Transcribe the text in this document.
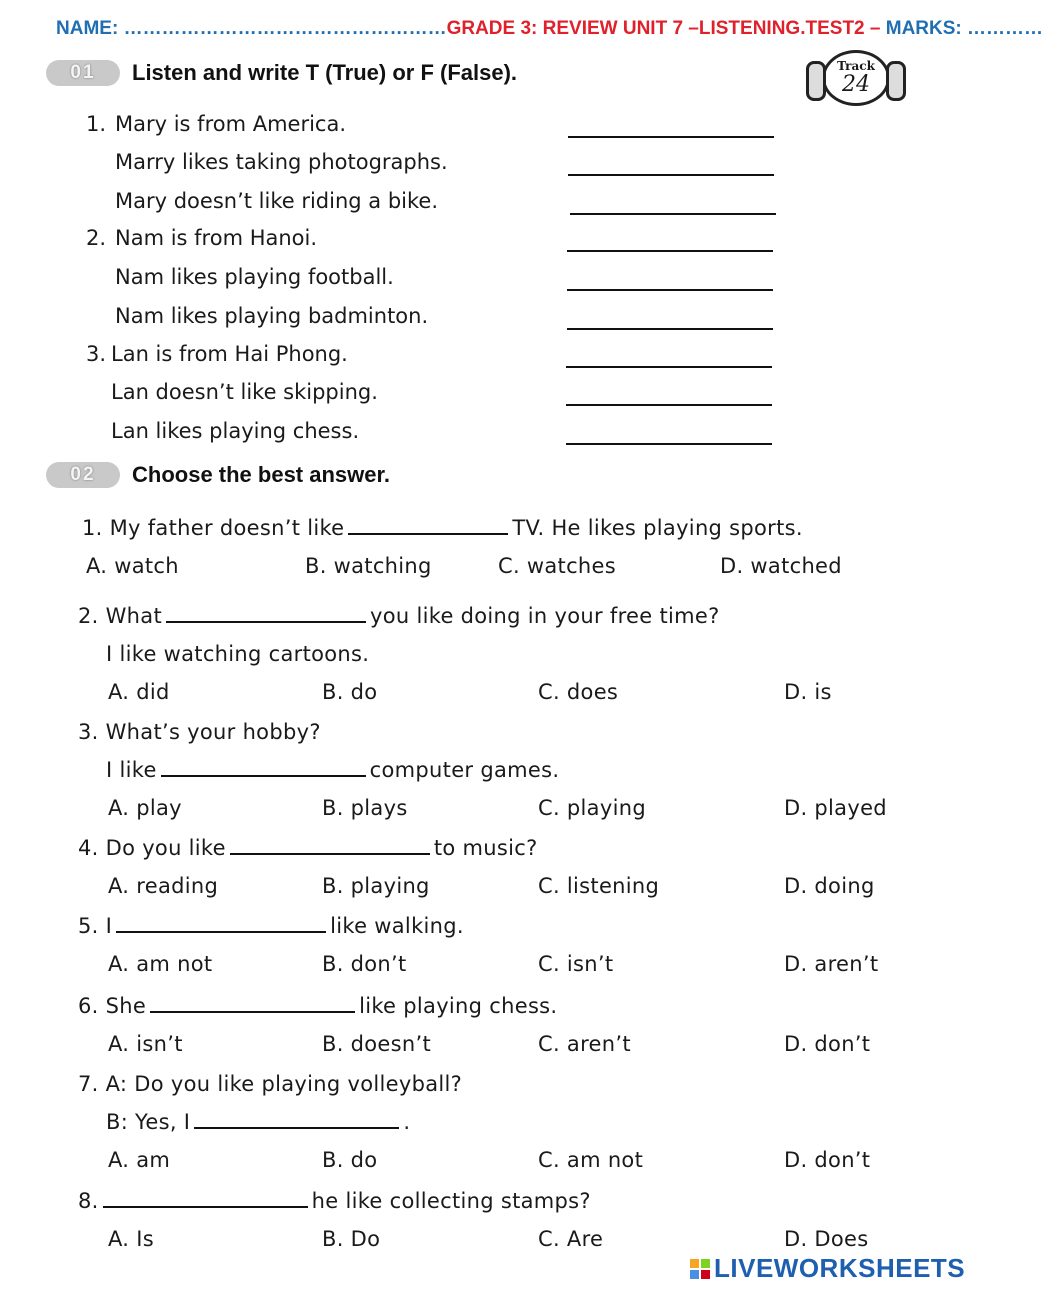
NAME: ……………………………………………GRADE 3: REVIEW UNIT 7 –LISTENING.TEST2 – MARKS: …………
01	Listen and write T (True) or F (False).	Track
24
1. Mary is from America.
Marry likes taking photographs.
Mary doesn’t like riding a bike.
2. Nam is from Hanoi.
Nam likes playing football.
Nam likes playing badminton.
3. Lan is from Hai Phong.
Lan doesn’t like skipping.
Lan likes playing chess.
02	Choose the best answer.
1. My father doesn’t like	TV. He likes playing sports.
A. watch	B. watching	C. watches	D. watched
2. What	you like doing in your free time?
I like watching cartoons.
A. did	B. do	C. does	D. is
3. What’s your hobby?
I like	computer games.
A. play	B. plays	C. playing	D. played
4. Do you like	to music?
A. reading	B. playing	C. listening	D. doing
5. I	like walking.
A. am not	B. don’t	C. isn’t	D. aren’t
6. She	like playing chess.
A. isn’t	B. doesn’t	C. aren’t	D. don’t
7. A: Do you like playing volleyball?
B: Yes, I	.
A. am	B. do	C. am not	D. don’t
8.	he like collecting stamps?
A. Is	B. Do	C. Are	D. Does
LIVEWORKSHEETS
